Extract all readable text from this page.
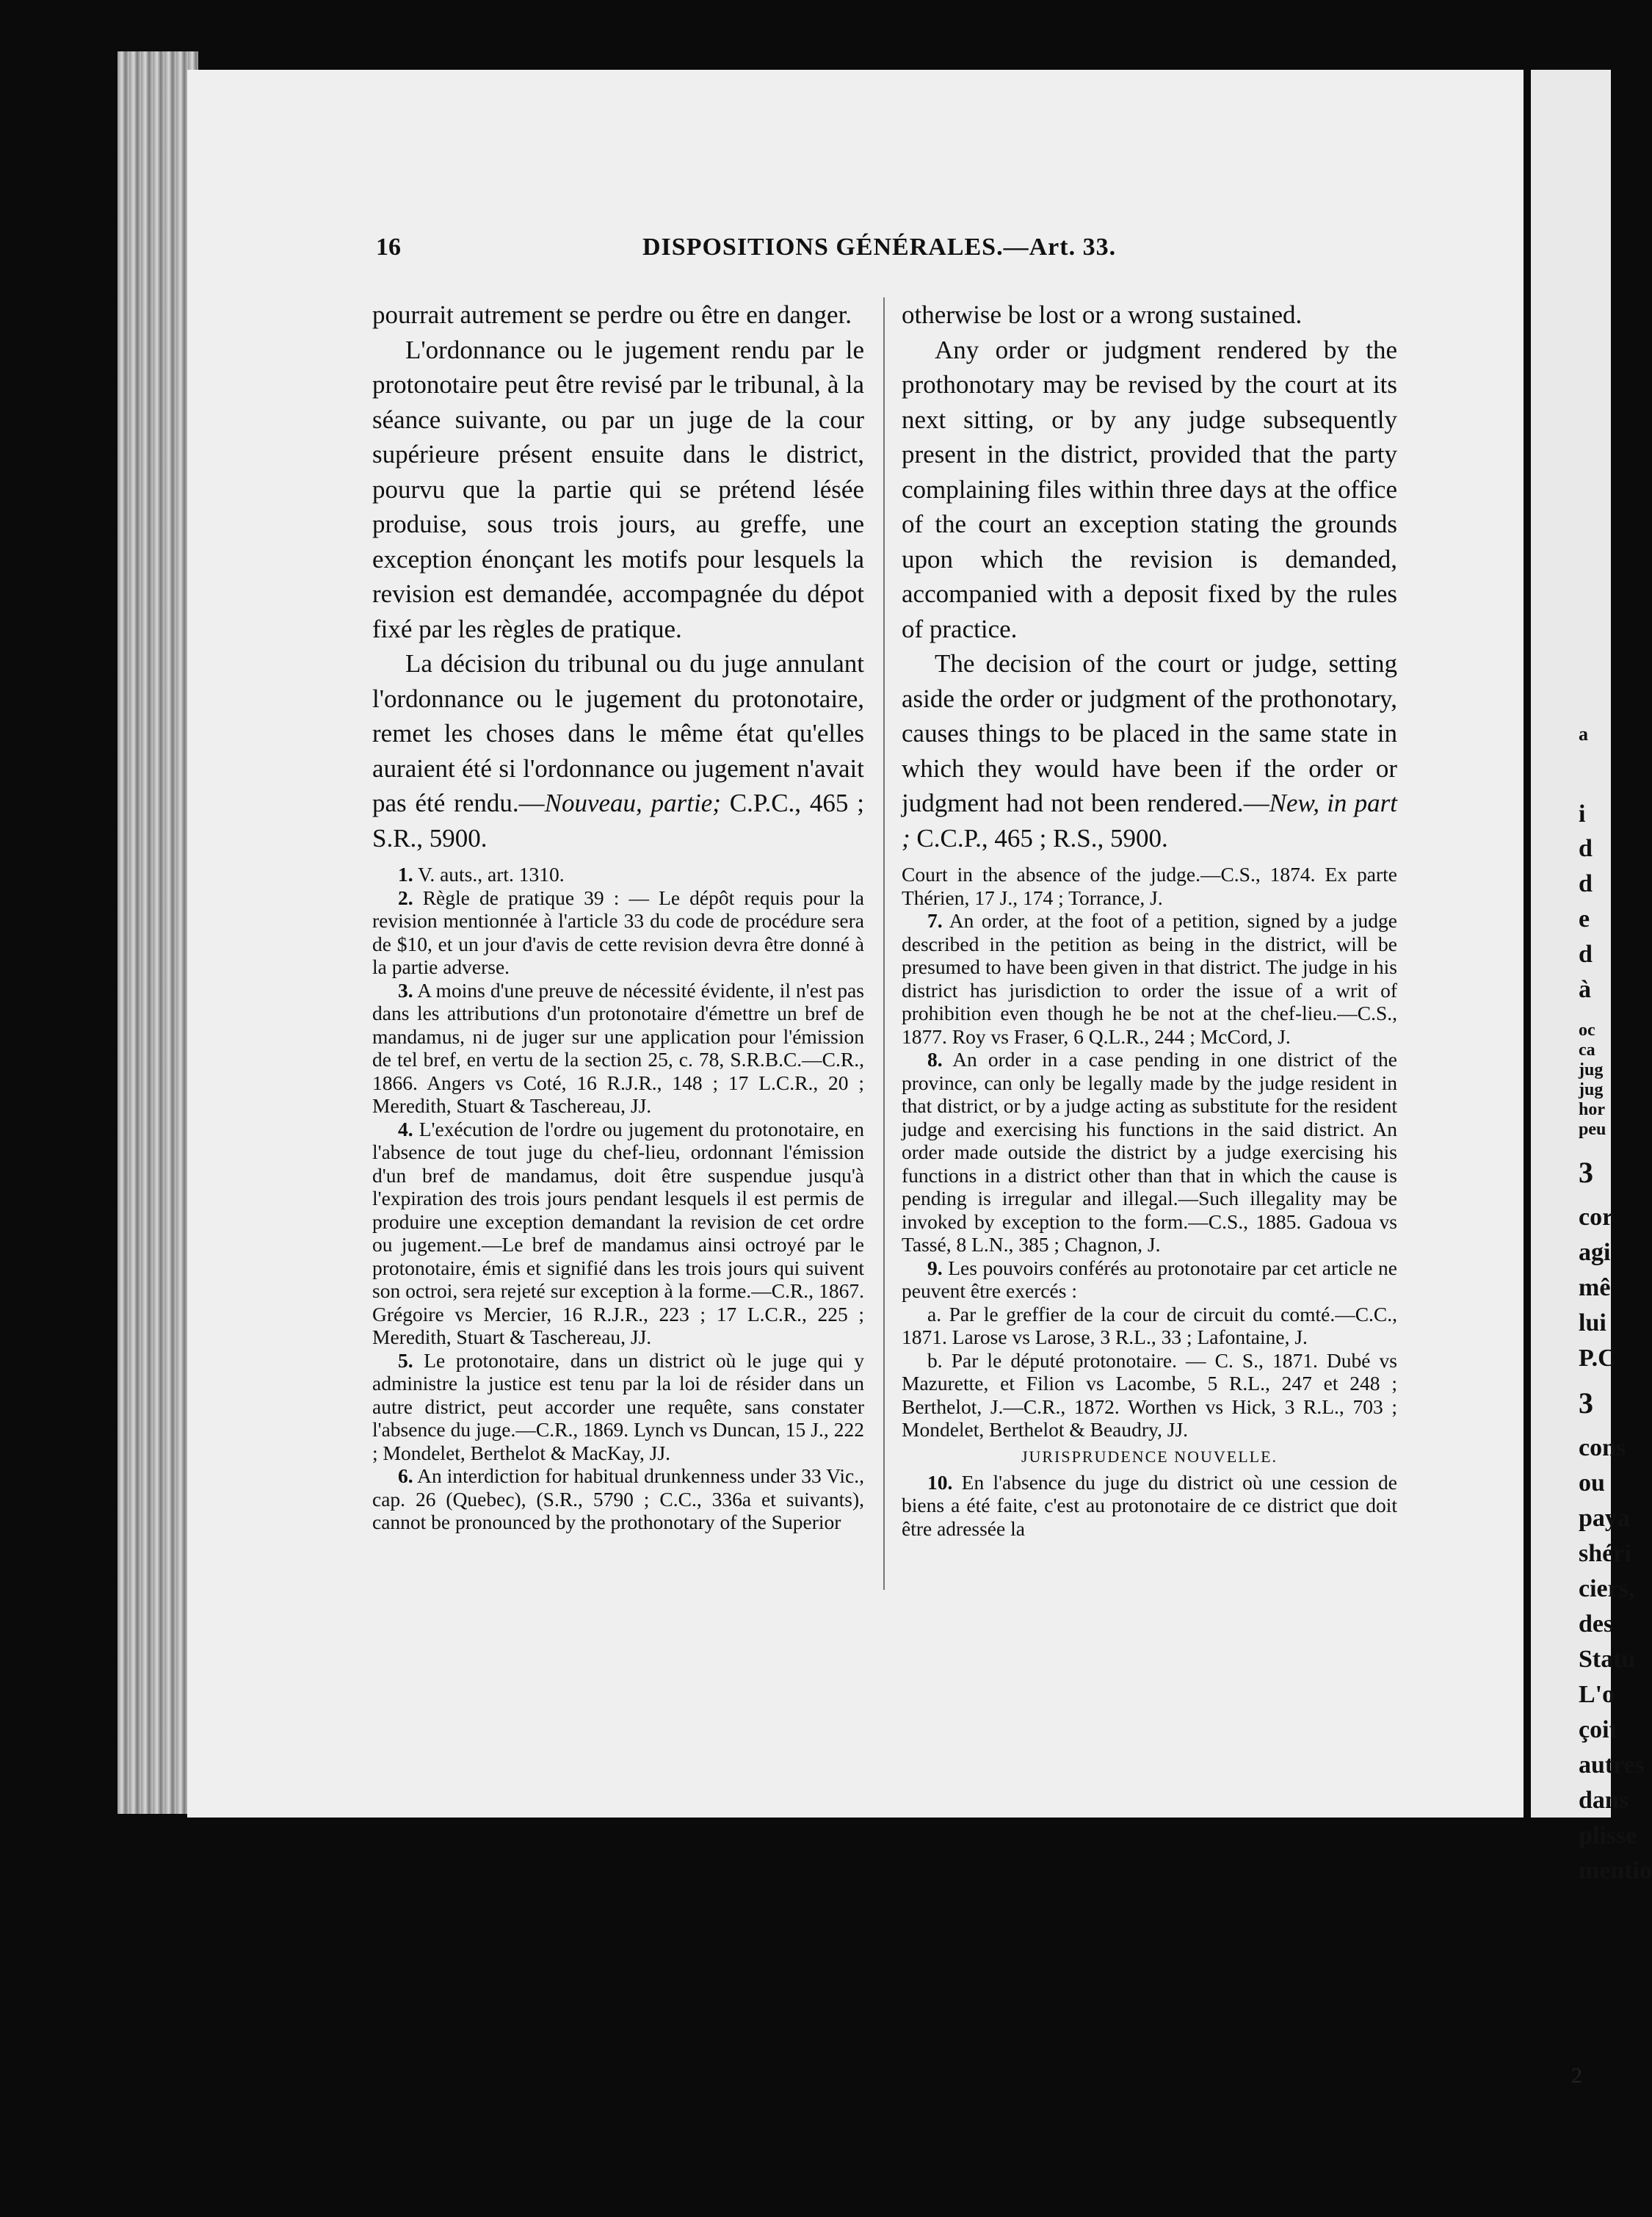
16	DISPOSITIONS GÉNÉRALES.—Art. 33.

pourrait autrement se perdre ou être en danger.

L'ordonnance ou le jugement rendu par le protonotaire peut être revisé par le tribunal, à la séance suivante, ou par un juge de la cour supérieure présent ensuite dans le district, pourvu que la partie qui se prétend lésée produise, sous trois jours, au greffe, une exception énonçant les motifs pour lesquels la revision est demandée, accompagnée du dépot fixé par les règles de pratique.

La décision du tribunal ou du juge annulant l'ordonnance ou le jugement du protonotaire, remet les choses dans le même état qu'elles auraient été si l'ordonnance ou jugement n'avait pas été rendu.—Nouveau, partie; C.P.C., 465 ; S.R., 5900.

1. V. auts., art. 1310.

2. Règle de pratique 39 : — Le dépôt requis pour la revision mentionnée à l'article 33 du code de procédure sera de $10, et un jour d'avis de cette revision devra être donné à la partie adverse.

3. A moins d'une preuve de nécessité évidente, il n'est pas dans les attributions d'un protonotaire d'émettre un bref de mandamus, ni de juger sur une application pour l'émission de tel bref, en vertu de la section 25, c. 78, S.R.B.C.—C.R., 1866. Angers vs Coté, 16 R.J.R., 148 ; 17 L.C.R., 20 ; Meredith, Stuart & Taschereau, JJ.

4. L'exécution de l'ordre ou jugement du protonotaire, en l'absence de tout juge du chef-lieu, ordonnant l'émission d'un bref de mandamus, doit être suspendue jusqu'à l'expiration des trois jours pendant lesquels il est permis de produire une exception demandant la revision de cet ordre ou jugement.—Le bref de mandamus ainsi octroyé par le protonotaire, émis et signifié dans les trois jours qui suivent son octroi, sera rejeté sur exception à la forme.—C.R., 1867. Grégoire vs Mercier, 16 R.J.R., 223 ; 17 L.C.R., 225 ; Meredith, Stuart & Taschereau, JJ.

5. Le protonotaire, dans un district où le juge qui y administre la justice est tenu par la loi de résider dans un autre district, peut accorder une requête, sans constater l'absence du juge.—C.R., 1869. Lynch vs Duncan, 15 J., 222 ; Mondelet, Berthelot & MacKay, JJ.

6. An interdiction for habitual drunkenness under 33 Vic., cap. 26 (Quebec), (S.R., 5790 ; C.C., 336a et suivants), cannot be pronounced by the prothonotary of the Superior

otherwise be lost or a wrong sustained.

Any order or judgment rendered by the prothonotary may be revised by the court at its next sitting, or by any judge subsequently present in the district, provided that the party complaining files within three days at the office of the court an exception stating the grounds upon which the revision is demanded, accompanied with a deposit fixed by the rules of practice.

The decision of the court or judge, setting aside the order or judgment of the prothonotary, causes things to be placed in the same state in which they would have been if the order or judgment had not been rendered.—New, in part ; C.C.P., 465 ; R.S., 5900.

Court in the absence of the judge.—C.S., 1874. Ex parte Thérien, 17 J., 174 ; Torrance, J.

7. An order, at the foot of a petition, signed by a judge described in the petition as being in the district, will be presumed to have been given in that district. The judge in his district has jurisdiction to order the issue of a writ of prohibition even though he be not at the chef-lieu.—C.S., 1877. Roy vs Fraser, 6 Q.L.R., 244 ; McCord, J.

8. An order in a case pending in one district of the province, can only be legally made by the judge resident in that district, or by a judge acting as substitute for the resident judge and exercising his functions in the said district. An order made outside the district by a judge exercising his functions in a district other than that in which the cause is pending is irregular and illegal.—Such illegality may be invoked by exception to the form.—C.S., 1885. Gadoua vs Tassé, 8 L.N., 385 ; Chagnon, J.

9. Les pouvoirs conférés au protonotaire par cet article ne peuvent être exercés :

a. Par le greffier de la cour de circuit du comté.—C.C., 1871. Larose vs Larose, 3 R.L., 33 ; Lafontaine, J.

b. Par le député protonotaire. — C. S., 1871. Dubé vs Mazurette, et Filion vs Lacombe, 5 R.L., 247 et 248 ; Berthelot, J.—C.R., 1872. Worthen vs Hick, 3 R.L., 703 ; Mondelet, Berthelot & Beaudry, JJ.

JURISPRUDENCE NOUVELLE.

10. En l'absence du juge du district où une cession de biens a été faite, c'est au protonotaire de ce district que doit être adressée la

a
i
d
d
e
d
à
oc
ca
jug
jug
hor
peu
3
cor
agi
mê
lui
P.C
3
cons
ou
paya
shéri
ciers,
des
Statu
L'o
çoit
autres
dans
plisse
mentio
2
